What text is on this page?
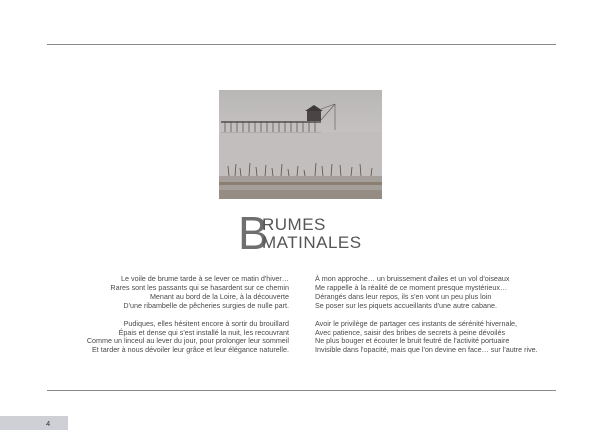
B
RUMES
MATINALES
Le voile de brume tarde à se lever ce matin d'hiver…
Rares sont les passants qui se hasardent sur ce chemin
Menant au bord de la Loire, à la découverte
D'une ribambelle de pêcheries surgies de nulle part.
Pudiques, elles hésitent encore à sortir du brouillard
Épais et dense qui s'est installé la nuit, les recouvrant
Comme un linceul au lever du jour, pour prolonger leur sommeil
Et tarder à nous dévoiler leur grâce et leur élégance naturelle.
À mon approche… un bruissement d'ailes et un vol d'oiseaux
Me rappelle à la réalité de ce moment presque mystérieux…
Dérangés dans leur repos, ils s'en vont un peu plus loin
Se poser sur les piquets accueillants d'une autre cabane.
Avoir le privilège de partager ces instants de sérénité hivernale,
Avec patience, saisir des bribes de secrets à peine dévoilés
Ne plus bouger et écouter le bruit feutré de l'activité portuaire
Invisible dans l'opacité, mais que l'on devine en face… sur l'autre rive.
4
